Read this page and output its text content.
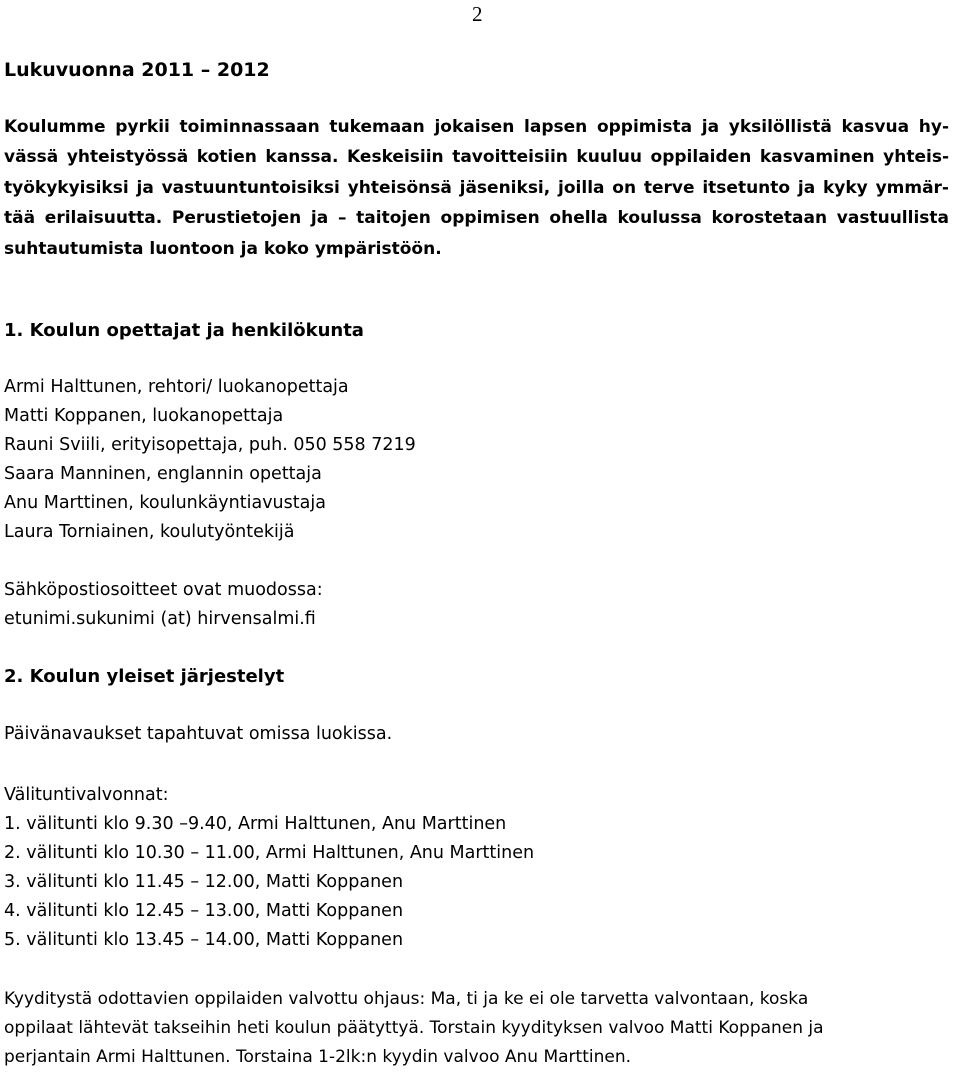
2
Lukuvuonna 2011 – 2012
Koulumme pyrkii toiminnassaan tukemaan jokaisen lapsen oppimista ja yksilöllistä kasvua hy-
vässä yhteistyössä kotien kanssa. Keskeisiin tavoitteisiin kuuluu oppilaiden kasvaminen yhteis-
työkykyisiksi ja vastuuntuntoisiksi yhteisönsä jäseniksi, joilla on terve itsetunto ja kyky ymmär-
tää erilaisuutta. Perustietojen ja – taitojen oppimisen ohella koulussa korostetaan vastuullista
suhtautumista luontoon ja koko ympäristöön.
1. Koulun opettajat ja henkilökunta
Armi Halttunen, rehtori/ luokanopettaja
Matti Koppanen, luokanopettaja
Rauni Sviili, erityisopettaja, puh. 050 558 7219
Saara Manninen, englannin opettaja
Anu Marttinen, koulunkäyntiavustaja
Laura Torniainen, koulutyöntekijä
Sähköpostiosoitteet ovat muodossa:
etunimi.sukunimi (at) hirvensalmi.fi
2. Koulun yleiset järjestelyt
Päivänavaukset tapahtuvat omissa luokissa.
Välituntivalvonnat:
1. välitunti klo 9.30 –9.40, Armi Halttunen, Anu Marttinen
2. välitunti klo 10.30 – 11.00, Armi Halttunen, Anu Marttinen
3. välitunti klo 11.45 – 12.00, Matti Koppanen
4. välitunti klo 12.45 – 13.00, Matti Koppanen
5. välitunti klo 13.45 – 14.00, Matti Koppanen
Kyyditystä odottavien oppilaiden valvottu ohjaus: Ma, ti ja ke ei ole tarvetta valvontaan, koska
oppilaat lähtevät takseihin heti koulun päätyttyä. Torstain kyydityksen valvoo Matti Koppanen ja
perjantain Armi Halttunen. Torstaina 1-2lk:n kyydin valvoo Anu Marttinen.
